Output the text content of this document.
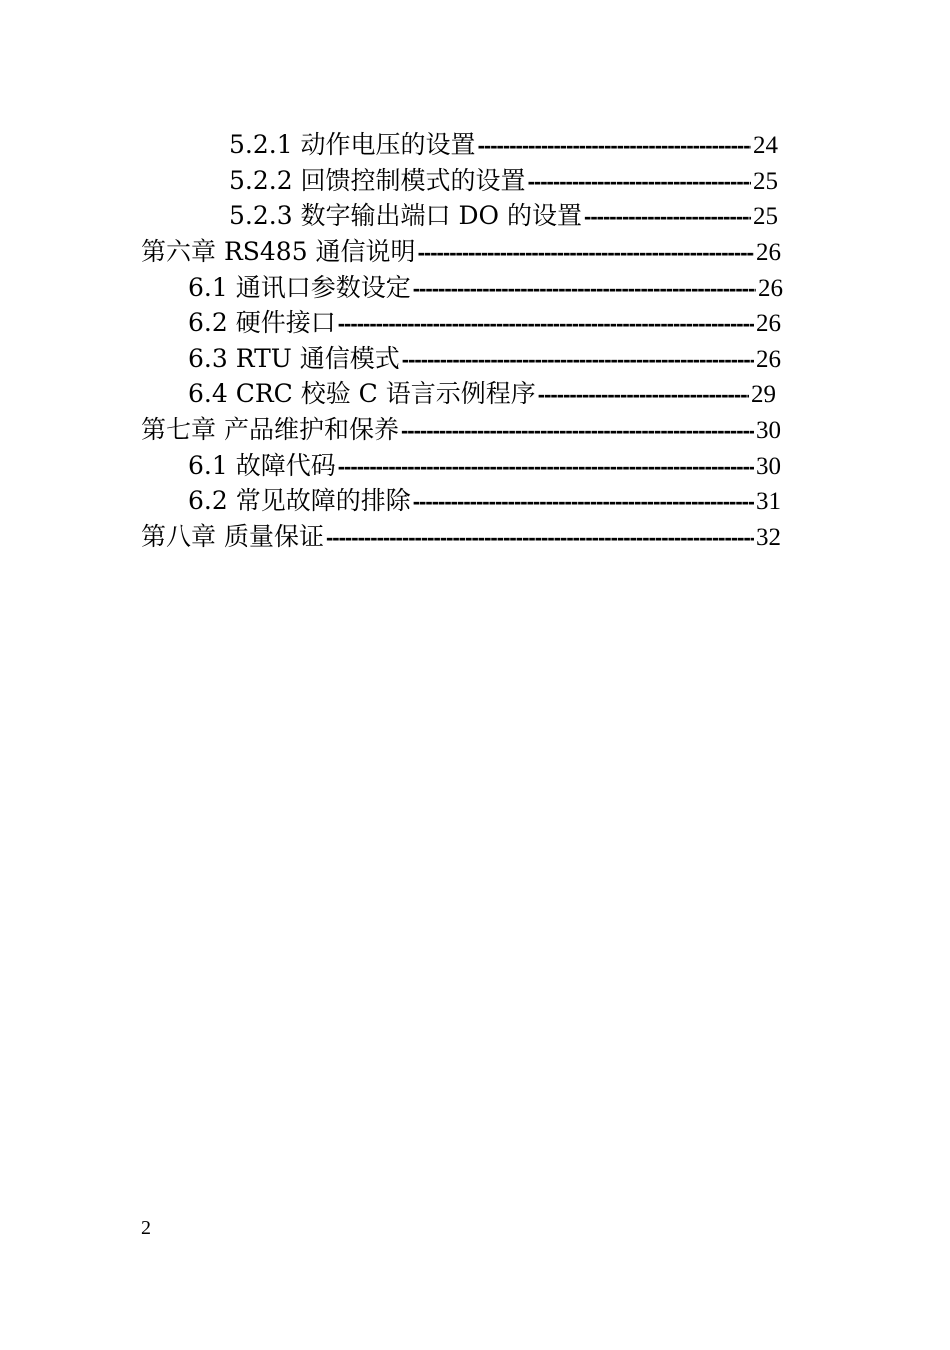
5.2.1 动作电压的设置 -----	24
5.2.2 回馈控制模式的设置 -----	25
5.2.3 数字输出端口 DO 的设置 -----	25
第六章 RS485 通信说明 -----	26
6.1 通讯口参数设定 -----	26
6.2 硬件接口 -----	26
6.3 RTU 通信模式 -----	26
6.4 CRC 校验 C 语言示例程序 -----	29
第七章 产品维护和保养 -----	30
6.1 故障代码 -----	30
6.2 常见故障的排除 -----	31
第八章 质量保证 -----	32
2
